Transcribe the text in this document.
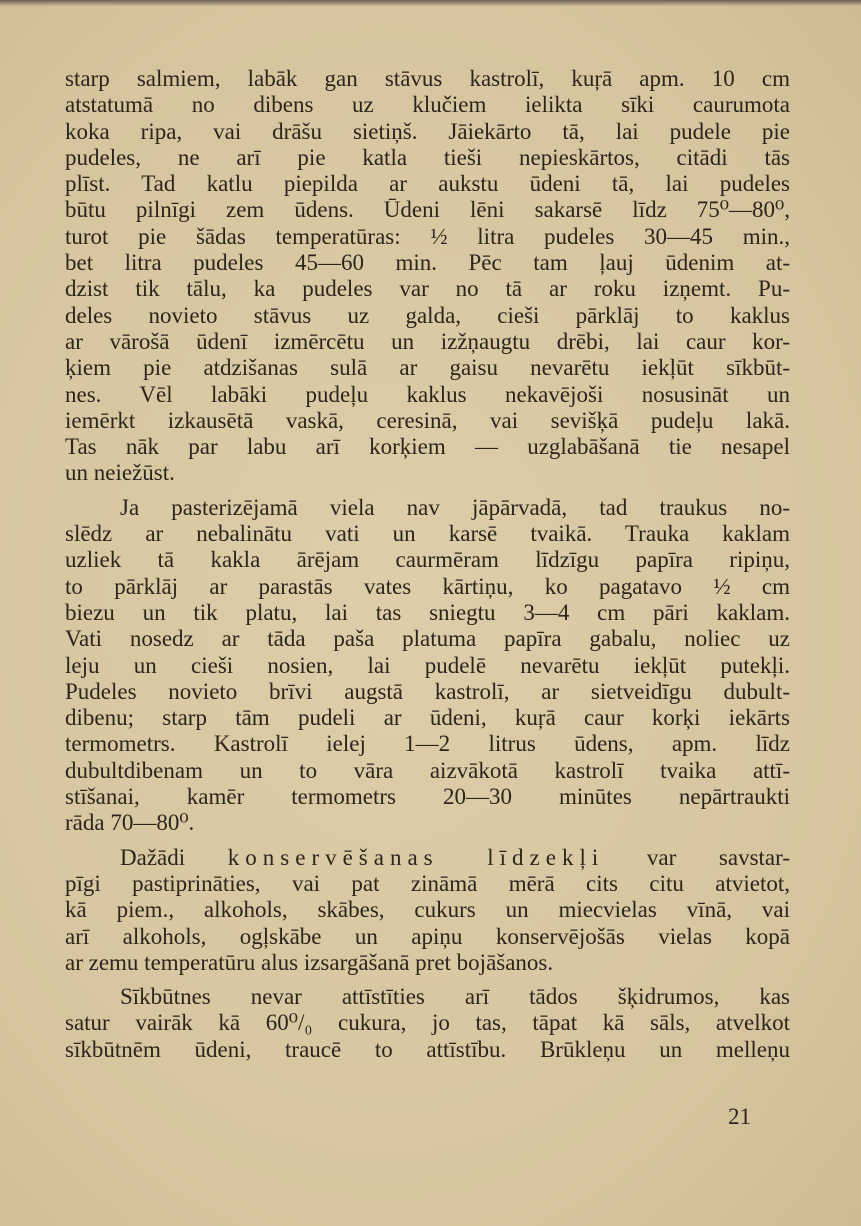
starp salmiem, labāk gan stāvus kastrolī, kuŗā apm. 10 cm
atstatumā no dibens uz klučiem ielikta sīki caurumota
koka ripa, vai drāšu sietiņš. Jāiekārto tā, lai pudele pie
pudeles, ne arī pie katla tieši nepieskārtos, citādi tās
plīst. Tad katlu piepilda ar aukstu ūdeni tā, lai pudeles
būtu pilnīgi zem ūdens. Ūdeni lēni sakarsē līdz 75⁰—80⁰,
turot pie šādas temperatūras: ½ litra pudeles 30—45 min.,
bet litra pudeles 45—60 min. Pēc tam ļauj ūdenim at-
dzist tik tālu, ka pudeles var no tā ar roku izņemt. Pu-
deles novieto stāvus uz galda, cieši pārklāj to kaklus
ar vārošā ūdenī izmērcētu un izžņaugtu drēbi, lai caur kor-
ķiem pie atdzišanas sulā ar gaisu nevarētu iekļūt sīkbūt-
nes. Vēl labāki pudeļu kaklus nekavējoši nosusināt un
iemērkt izkausētā vaskā, ceresinā, vai sevišķā pudeļu lakā.
Tas nāk par labu arī korķiem — uzglabāšanā tie nesapel
un neiežūst.
Ja pasterizējamā viela nav jāpārvadā, tad traukus no-
slēdz ar nebalinātu vati un karsē tvaikā. Trauka kaklam
uzliek tā kakla ārējam caurmēram līdzīgu papīra ripiņu,
to pārklāj ar parastās vates kārtiņu, ko pagatavo ½ cm
biezu un tik platu, lai tas sniegtu 3—4 cm pāri kaklam.
Vati nosedz ar tāda paša platuma papīra gabalu, noliec uz
leju un cieši nosien, lai pudelē nevarētu iekļūt putekļi.
Pudeles novieto brīvi augstā kastrolī, ar sietveidīgu dubult-
dibenu; starp tām pudeli ar ūdeni, kuŗā caur korķi iekārts
termometrs. Kastrolī ielej 1—2 litrus ūdens, apm. līdz
dubultdibenam un to vāra aizvākotā kastrolī tvaika attī-
stīšanai, kamēr termometrs 20—30 minūtes nepārtraukti
rāda 70—80⁰.
Dažādi konservēšanas līdzekļi var savstar-
pīgi pastiprināties, vai pat zināmā mērā cits citu atvietot,
kā piem., alkohols, skābes, cukurs un miecvielas vīnā, vai
arī alkohols, ogļskābe un apiņu konservējošās vielas kopā
ar zemu temperatūru alus izsargāšanā pret bojāšanos.
Sīkbūtnes nevar attīstīties arī tādos šķidrumos, kas
satur vairāk kā 60⁰/₀ cukura, jo tas, tāpat kā sāls, atvelkot
sīkbūtnēm ūdeni, traucē to attīstību. Brūkleņu un melleņu
21
